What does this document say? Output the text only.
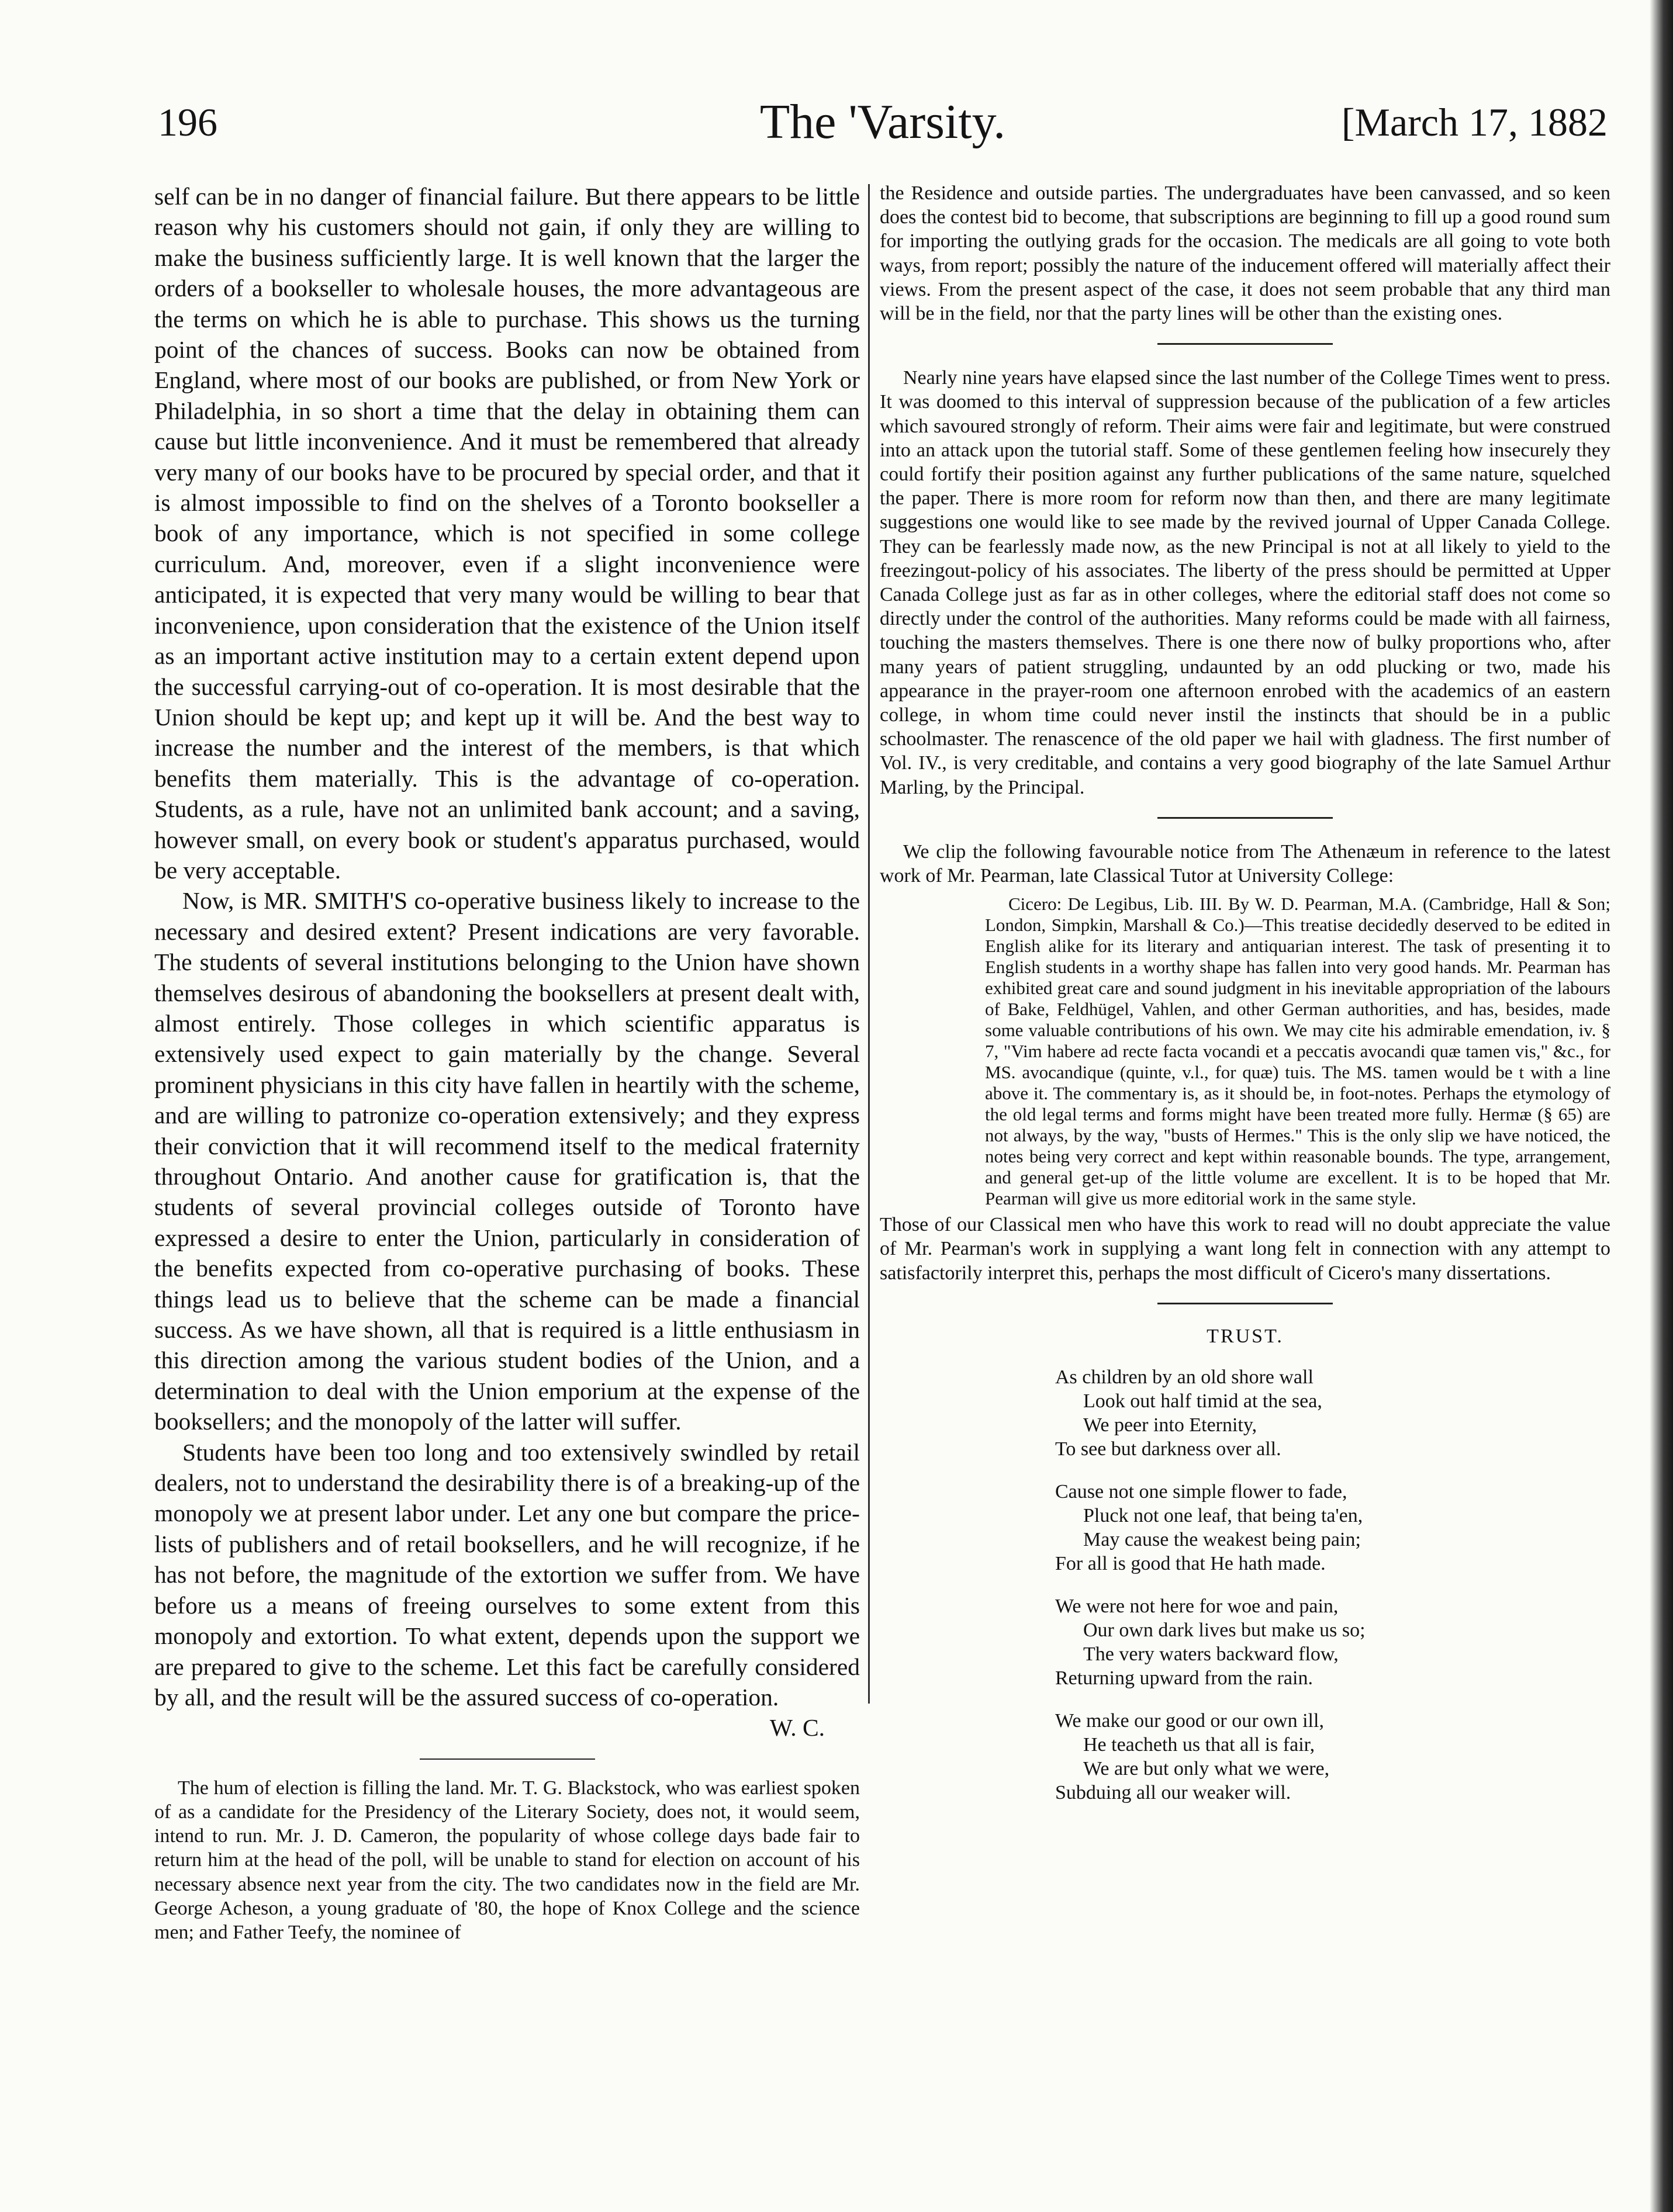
196	The 'Varsity.	[March 17, 1882

self can be in no danger of financial failure. But there appears to be little reason why his customers should not gain, if only they are willing to make the business sufficiently large. It is well known that the larger the orders of a bookseller to wholesale houses, the more advantageous are the terms on which he is able to purchase. This shows us the turning point of the chances of success. Books can now be obtained from England, where most of our books are published, or from New York or Philadelphia, in so short a time that the delay in obtaining them can cause but little inconvenience. And it must be remembered that already very many of our books have to be procured by special order, and that it is almost impossible to find on the shelves of a Toronto bookseller a book of any importance, which is not specified in some college curriculum. And, moreover, even if a slight inconvenience were anticipated, it is expected that very many would be willing to bear that inconvenience, upon consideration that the existence of the Union itself as an important active institution may to a certain extent depend upon the successful carrying-out of co-operation. It is most desirable that the Union should be kept up; and kept up it will be. And the best way to increase the number and the interest of the members, is that which benefits them materially. This is the advantage of co-operation. Students, as a rule, have not an unlimited bank account; and a saving, however small, on every book or student's apparatus purchased, would be very acceptable.

Now, is MR. SMITH'S co-operative business likely to increase to the necessary and desired extent? Present indications are very favorable. The students of several institutions belonging to the Union have shown themselves desirous of abandoning the booksellers at present dealt with, almost entirely. Those colleges in which scientific apparatus is extensively used expect to gain materially by the change. Several prominent physicians in this city have fallen in heartily with the scheme, and are willing to patronize co-operation extensively; and they express their conviction that it will recommend itself to the medical fraternity throughout Ontario. And another cause for gratification is, that the students of several provincial colleges outside of Toronto have expressed a desire to enter the Union, particularly in consideration of the benefits expected from co-operative purchasing of books. These things lead us to believe that the scheme can be made a financial success. As we have shown, all that is required is a little enthusiasm in this direction among the various student bodies of the Union, and a determination to deal with the Union emporium at the expense of the booksellers; and the monopoly of the latter will suffer.

Students have been too long and too extensively swindled by retail dealers, not to understand the desirability there is of a breaking-up of the monopoly we at present labor under. Let any one but compare the price-lists of publishers and of retail booksellers, and he will recognize, if he has not before, the magnitude of the extortion we suffer from. We have before us a means of freeing ourselves to some extent from this monopoly and extortion. To what extent, depends upon the support we are prepared to give to the scheme. Let this fact be carefully considered by all, and the result will be the assured success of co-operation.

W. C.

The hum of election is filling the land. Mr. T. G. Blackstock, who was earliest spoken of as a candidate for the Presidency of the Literary Society, does not, it would seem, intend to run. Mr. J. D. Cameron, the popularity of whose college days bade fair to return him at the head of the poll, will be unable to stand for election on account of his necessary absence next year from the city. The two candidates now in the field are Mr. George Acheson, a young graduate of '80, the hope of Knox College and the science men; and Father Teefy, the nominee of

the Residence and outside parties. The undergraduates have been canvassed, and so keen does the contest bid to become, that subscriptions are beginning to fill up a good round sum for importing the outlying grads for the occasion. The medicals are all going to vote both ways, from report; possibly the nature of the inducement offered will materially affect their views. From the present aspect of the case, it does not seem probable that any third man will be in the field, nor that the party lines will be other than the existing ones.

Nearly nine years have elapsed since the last number of the College Times went to press. It was doomed to this interval of suppression because of the publication of a few articles which savoured strongly of reform. Their aims were fair and legitimate, but were construed into an attack upon the tutorial staff. Some of these gentlemen feeling how insecurely they could fortify their position against any further publications of the same nature, squelched the paper. There is more room for reform now than then, and there are many legitimate suggestions one would like to see made by the revived journal of Upper Canada College. They can be fearlessly made now, as the new Principal is not at all likely to yield to the freezingout-policy of his associates. The liberty of the press should be permitted at Upper Canada College just as far as in other colleges, where the editorial staff does not come so directly under the control of the authorities. Many reforms could be made with all fairness, touching the masters themselves. There is one there now of bulky proportions who, after many years of patient struggling, undaunted by an odd plucking or two, made his appearance in the prayer-room one afternoon enrobed with the academics of an eastern college, in whom time could never instil the instincts that should be in a public schoolmaster. The renascence of the old paper we hail with gladness. The first number of Vol. IV., is very creditable, and contains a very good biography of the late Samuel Arthur Marling, by the Principal.

We clip the following favourable notice from The Athenæum in reference to the latest work of Mr. Pearman, late Classical Tutor at University College:

Cicero: De Legibus, Lib. III. By W. D. Pearman, M.A. (Cambridge, Hall & Son; London, Simpkin, Marshall & Co.)—This treatise decidedly deserved to be edited in English alike for its literary and antiquarian interest. The task of presenting it to English students in a worthy shape has fallen into very good hands. Mr. Pearman has exhibited great care and sound judgment in his inevitable appropriation of the labours of Bake, Feldhügel, Vahlen, and other German authorities, and has, besides, made some valuable contributions of his own. We may cite his admirable emendation, iv. § 7, "Vim habere ad recte facta vocandi et a peccatis avocandi quæ tamen vis," &c., for MS. avocandique (quinte, v.l., for quæ) tuis. The MS. tamen would be t with a line above it. The commentary is, as it should be, in foot-notes. Perhaps the etymology of the old legal terms and forms might have been treated more fully. Hermæ (§ 65) are not always, by the way, "busts of Hermes." This is the only slip we have noticed, the notes being very correct and kept within reasonable bounds. The type, arrangement, and general get-up of the little volume are excellent. It is to be hoped that Mr. Pearman will give us more editorial work in the same style.

Those of our Classical men who have this work to read will no doubt appreciate the value of Mr. Pearman's work in supplying a want long felt in connection with any attempt to satisfactorily interpret this, perhaps the most difficult of Cicero's many dissertations.

TRUST.
As children by an old shore wall
Look out half timid at the sea,
We peer into Eternity,
To see but darkness over all.
Cause not one simple flower to fade,
Pluck not one leaf, that being ta'en,
May cause the weakest being pain;
For all is good that He hath made.
We were not here for woe and pain,
Our own dark lives but make us so;
The very waters backward flow,
Returning upward from the rain.
We make our good or our own ill,
He teacheth us that all is fair,
We are but only what we were,
Subduing all our weaker will.
